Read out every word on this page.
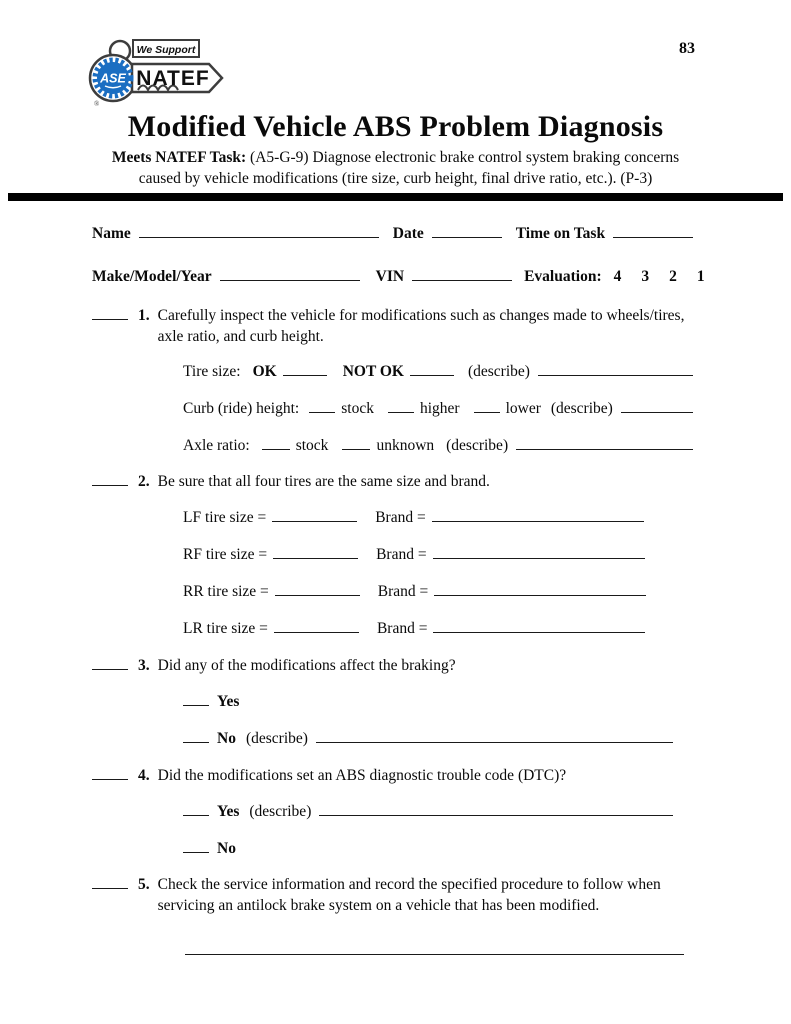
We Support
NATEF
ASE
®
83
Modified Vehicle ABS Problem Diagnosis
Meets NATEF Task: (A5-G-9) Diagnose electronic brake control system braking concerns
caused by vehicle modifications (tire size, curb height, final drive ratio, etc.). (P-3)
Name	Date	Time on Task
Make/Model/Year	VIN	Evaluation: 4 3 2 1
1. Carefully inspect the vehicle for modifications such as changes made to wheels/tires,
axle ratio, and curb height.
Tire size: OK	NOT OK	(describe)
Curb (ride) height:	stock	higher	lower (describe)
Axle ratio:	stock	unknown (describe)
2. Be sure that all four tires are the same size and brand.
LF tire size =	Brand =
RF tire size =	Brand =
RR tire size =	Brand =
LR tire size =	Brand =
3. Did any of the modifications affect the braking?
Yes
No (describe)
4. Did the modifications set an ABS diagnostic trouble code (DTC)?
Yes (describe)
No
5. Check the service information and record the specified procedure to follow when
servicing an antilock brake system on a vehicle that has been modified.
